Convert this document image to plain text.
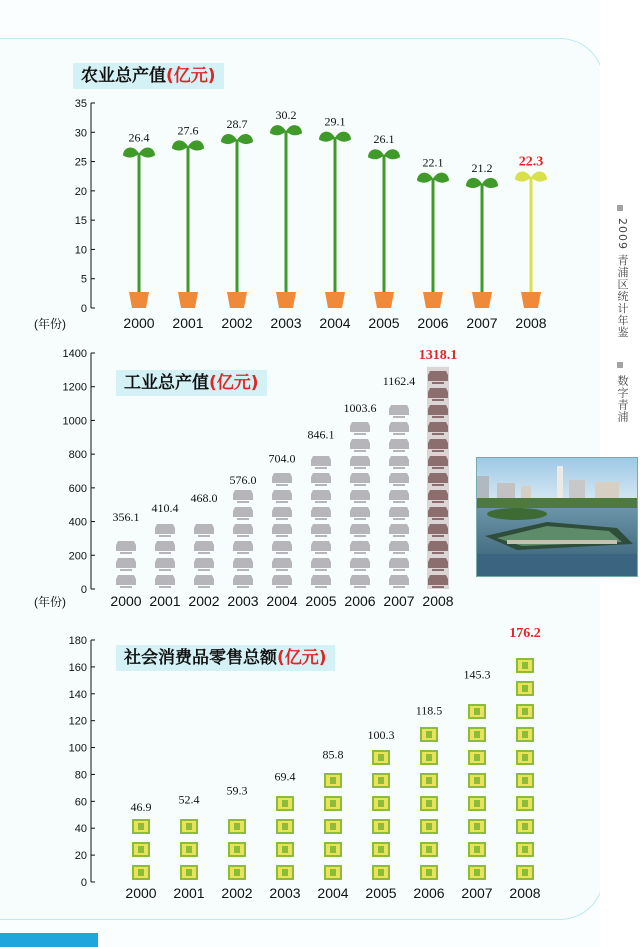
2009 青浦区统计年鉴
数字青浦
农业总产值(亿元)
工业总产值(亿元)
社会消费品零售总额(亿元)
0
5
10
15
20
25
30
35
2000 2001 2002 2003 2004 2005 2006 2007 2008
(年份)
26.4
27.6 28.7
30.2 29.1
26.1
22.1 21.2 22.3
0
200
400
600
800
1000
1200
1400
2000 2001 2002 2003 2004 2005 2006 2007 2008
(年份)
356.1
410.4
468.0
576.0
704.0
846.1
1003.6
1162.4
1318.1
0
20
40
60
80
100
120
140
160
180
2000 2001 2002 2003 2004 2005 2006 2007 2008
46.9
52.4
59.3
69.4
85.8
100.3
118.5
145.3
176.2
